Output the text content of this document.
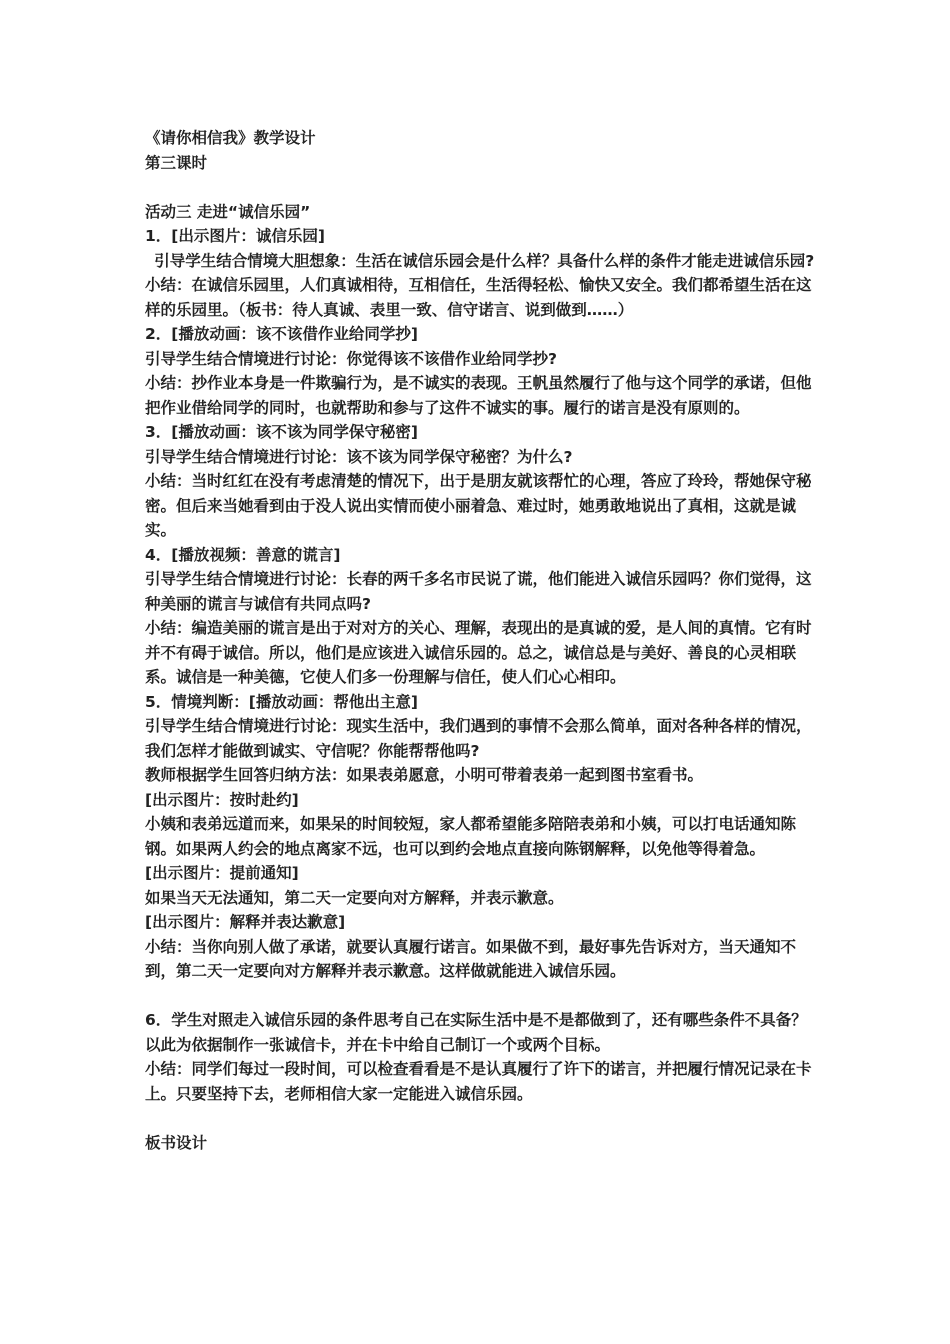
《请你相信我》教学设计

第三课时

活动三 走进“诚信乐园”

1．[出示图片：诚信乐园]

引导学生结合情境大胆想象：生活在诚信乐园会是什么样？具备什么样的条件才能走进诚信乐园?

小结：在诚信乐园里，人们真诚相待，互相信任，生活得轻松、愉快又安全。我们都希望生活在这样的乐园里。（板书：待人真诚、表里一致、信守诺言、说到做到……）

2．[播放动画：该不该借作业给同学抄]

引导学生结合情境进行讨论：你觉得该不该借作业给同学抄?

小结：抄作业本身是一件欺骗行为，是不诚实的表现。王帆虽然履行了他与这个同学的承诺，但他把作业借给同学的同时，也就帮助和参与了这件不诚实的事。履行的诺言是没有原则的。

3．[播放动画：该不该为同学保守秘密]

引导学生结合情境进行讨论：该不该为同学保守秘密？为什么?

小结：当时红红在没有考虑清楚的情况下，出于是朋友就该帮忙的心理，答应了玲玲，帮她保守秘密。但后来当她看到由于没人说出实情而使小丽着急、难过时，她勇敢地说出了真相，这就是诚实。

4．[播放视频：善意的谎言]

引导学生结合情境进行讨论：长春的两千多名市民说了谎，他们能进入诚信乐园吗？你们觉得，这种美丽的谎言与诚信有共同点吗?

小结：编造美丽的谎言是出于对对方的关心、理解，表现出的是真诚的爱，是人间的真情。它有时并不有碍于诚信。所以，他们是应该进入诚信乐园的。总之，诚信总是与美好、善良的心灵相联系。诚信是一种美德，它使人们多一份理解与信任，使人们心心相印。

5．情境判断：[播放动画：帮他出主意]

引导学生结合情境进行讨论：现实生活中，我们遇到的事情不会那么简单，面对各种各样的情况，我们怎样才能做到诚实、守信呢？你能帮帮他吗?

教师根据学生回答归纳方法：如果表弟愿意，小明可带着表弟一起到图书室看书。

[出示图片：按时赴约]

小姨和表弟远道而来，如果呆的时间较短，家人都希望能多陪陪表弟和小姨，可以打电话通知陈钢。如果两人约会的地点离家不远，也可以到约会地点直接向陈钢解释，以免他等得着急。

[出示图片：提前通知]

如果当天无法通知，第二天一定要向对方解释，并表示歉意。

[出示图片：解释并表达歉意]

小结：当你向别人做了承诺，就要认真履行诺言。如果做不到，最好事先告诉对方，当天通知不到，第二天一定要向对方解释并表示歉意。这样做就能进入诚信乐园。

6．学生对照走入诚信乐园的条件思考自己在实际生活中是不是都做到了，还有哪些条件不具备？以此为依据制作一张诚信卡，并在卡中给自己制订一个或两个目标。

小结：同学们每过一段时间，可以检查看看是不是认真履行了许下的诺言，并把履行情况记录在卡上。只要坚持下去，老师相信大家一定能进入诚信乐园。

板书设计
